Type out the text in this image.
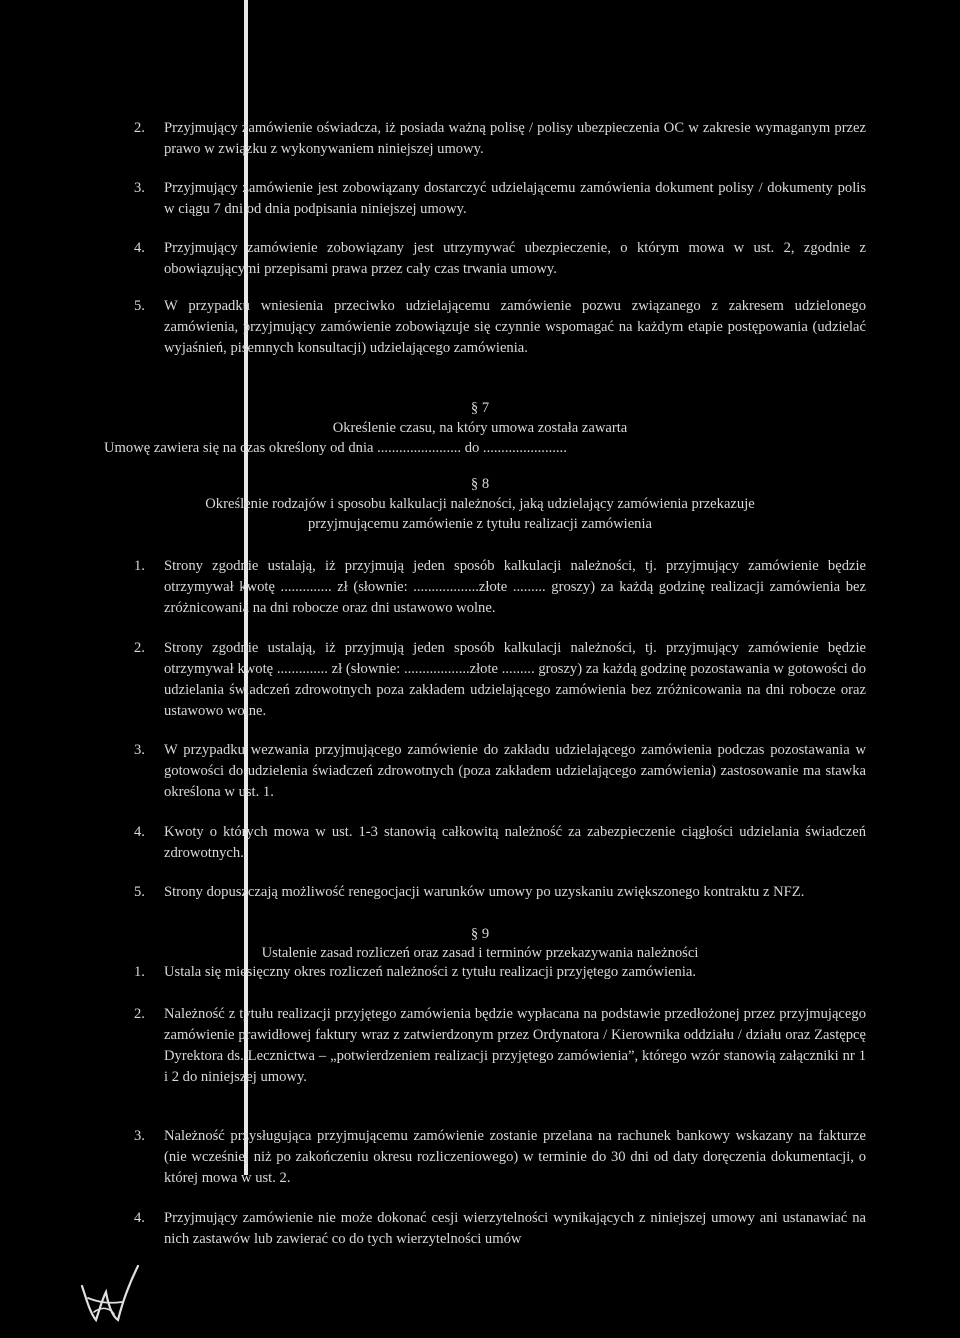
2. Przyjmujący zamówienie oświadcza, iż posiada ważną polisę / polisy ubezpieczenia OC w zakresie wymaganym przez prawo w związku z wykonywaniem niniejszej umowy.
3. Przyjmujący zamówienie jest zobowiązany dostarczyć udzielającemu zamówienia dokument polisy / dokumenty polis w ciągu 7 dni od dnia podpisania niniejszej umowy.
4. Przyjmujący zamówienie zobowiązany jest utrzymywać ubezpieczenie, o którym mowa w ust. 2, zgodnie z obowiązującymi przepisami prawa przez cały czas trwania umowy.
5. W przypadku wniesienia przeciwko udzielającemu zamówienie pozwu związanego z zakresem udzielonego zamówienia, przyjmujący zamówienie zobowiązuje się czynnie wspomagać na każdym etapie postępowania (udzielać wyjaśnień, pisemnych konsultacji) udzielającego zamówienia.
§ 7
Określenie czasu, na który umowa została zawarta
Umowę zawiera się na czas określony od dnia ....................... do .......................
§ 8
Określenie rodzajów i sposobu kalkulacji należności, jaką udzielający zamówienia przekazuje
przyjmującemu zamówienie z tytułu realizacji zamówienia
1. Strony zgodnie ustalają, iż przyjmują jeden sposób kalkulacji należności, tj. przyjmujący zamówienie będzie otrzymywał kwotę .............. zł (słownie: ..................złote ......... groszy) za każdą godzinę realizacji zamówienia bez zróżnicowania na dni robocze oraz dni ustawowo wolne.
2. Strony zgodnie ustalają, iż przyjmują jeden sposób kalkulacji należności, tj. przyjmujący zamówienie będzie otrzymywał kwotę .............. zł (słownie: ..................złote ......... groszy) za każdą godzinę pozostawania w gotowości do udzielania świadczeń zdrowotnych poza zakładem udzielającego zamówienia bez zróżnicowania na dni robocze oraz ustawowo wolne.
3. W przypadku wezwania przyjmującego zamówienie do zakładu udzielającego zamówienia podczas pozostawania w gotowości do udzielenia świadczeń zdrowotnych (poza zakładem udzielającego zamówienia) zastosowanie ma stawka określona w ust. 1.
4. Kwoty o których mowa w ust. 1-3 stanowią całkowitą należność za zabezpieczenie ciągłości udzielania świadczeń zdrowotnych.
5. Strony dopuszczają możliwość renegocjacji warunków umowy po uzyskaniu zwiększonego kontraktu z NFZ.
§ 9
Ustalenie zasad rozliczeń oraz zasad i terminów przekazywania należności
1. Ustala się miesięczny okres rozliczeń należności z tytułu realizacji przyjętego zamówienia.
2. Należność z tytułu realizacji przyjętego zamówienia będzie wypłacana na podstawie przedłożonej przez przyjmującego zamówienie prawidłowej faktury wraz z zatwierdzonym przez Ordynatora / Kierownika oddziału / działu oraz Zastępcę Dyrektora ds. Lecznictwa – „potwierdzeniem realizacji przyjętego zamówienia”, którego wzór stanowią załączniki nr 1 i 2 do niniejszej umowy.
3. Należność przysługująca przyjmującemu zamówienie zostanie przelana na rachunek bankowy wskazany na fakturze (nie wcześniej niż po zakończeniu okresu rozliczeniowego) w terminie do 30 dni od daty doręczenia dokumentacji, o której mowa w ust. 2.
4. Przyjmujący zamówienie nie może dokonać cesji wierzytelności wynikających z niniejszej umowy ani ustanawiać na nich zastawów lub zawierać co do tych wierzytelności umów
